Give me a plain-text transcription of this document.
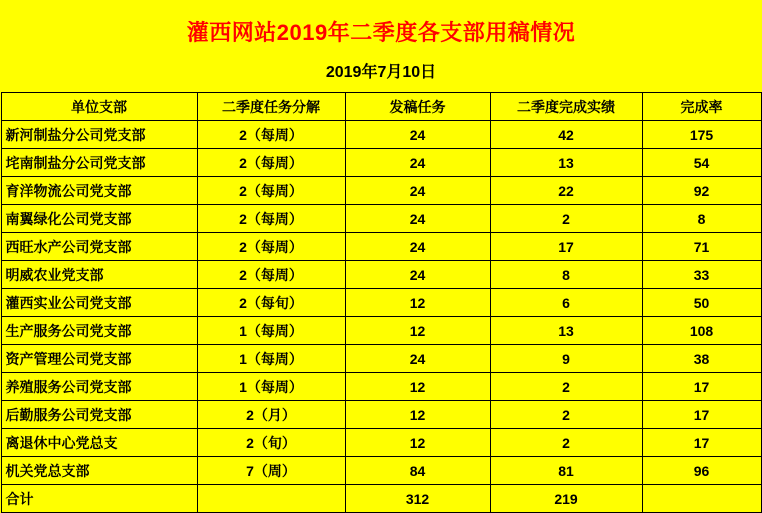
灌西网站2019年二季度各支部用稿情况
2019年7月10日
单位支部	二季度任务分解	发稿任务	二季度完成实绩	完成率
新河制盐分公司党支部	2（每周）	24	42	175
垞南制盐分公司党支部	2（每周）	24	13	54
育洋物流公司党支部	2（每周）	24	22	92
南翼绿化公司党支部	2（每周）	24	2	8
西旺水产公司党支部	2（每周）	24	17	71
明威农业党支部	2（每周）	24	8	33
灌西实业公司党支部	2（每旬）	12	6	50
生产服务公司党支部	1（每周）	12	13	108
资产管理公司党支部	1（每周）	24	9	38
养殖服务公司党支部	1（每周）	12	2	17
后勤服务公司党支部	2（月）	12	2	17
离退休中心党总支	2（旬）	12	2	17
机关党总支部	7（周）	84	81	96
合计		312	219	
